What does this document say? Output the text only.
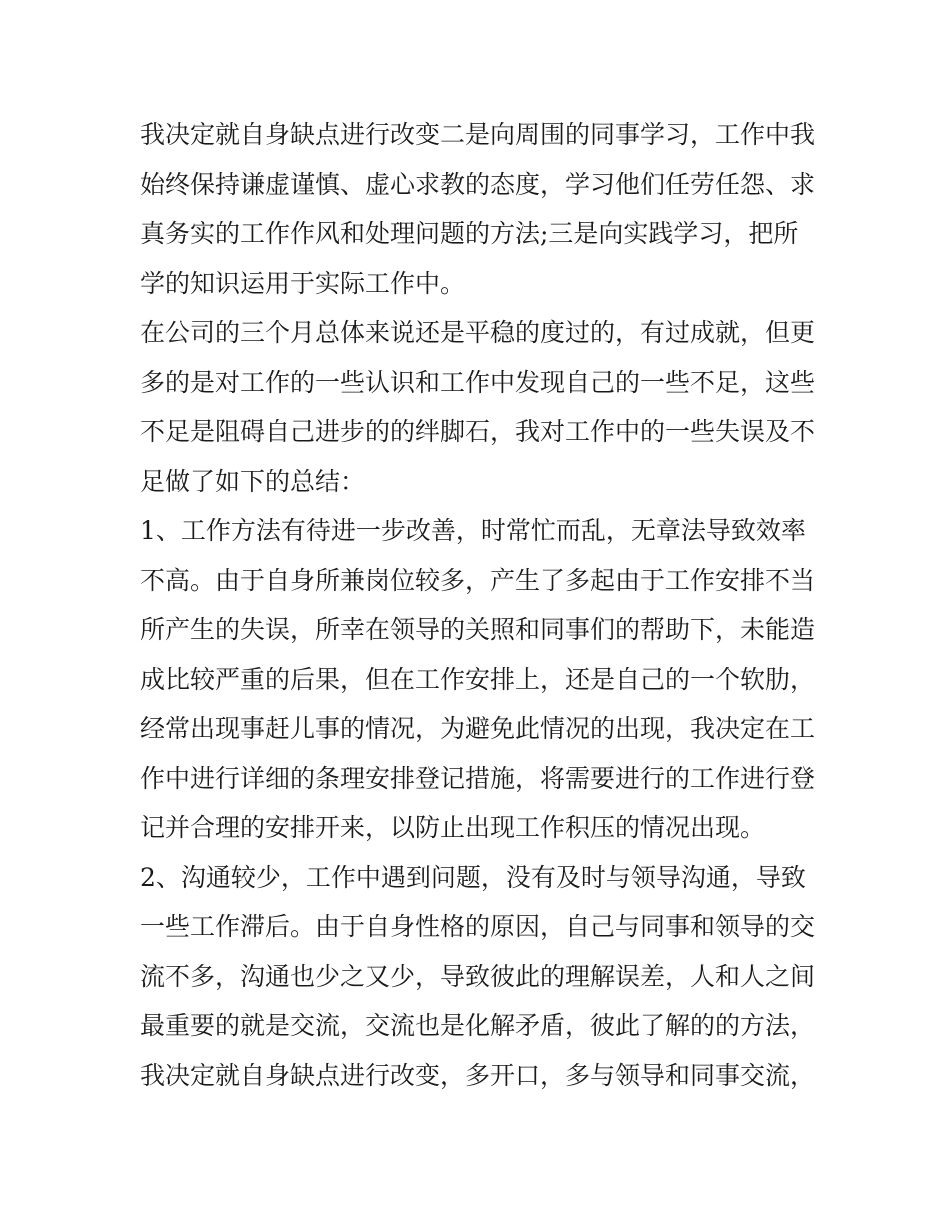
我决定就自身缺点进行改变二是向周围的同事学习，工作中我
始终保持谦虚谨慎、虚心求教的态度，学习他们任劳任怨、求
真务实的工作作风和处理问题的方法;三是向实践学习，把所
学的知识运用于实际工作中。
在公司的三个月总体来说还是平稳的度过的，有过成就，但更
多的是对工作的一些认识和工作中发现自己的一些不足，这些
不足是阻碍自己进步的的绊脚石，我对工作中的一些失误及不
足做了如下的总结：
1、工作方法有待进一步改善，时常忙而乱，无章法导致效率
不高。由于自身所兼岗位较多，产生了多起由于工作安排不当
所产生的失误，所幸在领导的关照和同事们的帮助下，未能造
成比较严重的后果，但在工作安排上，还是自己的一个软肋，
经常出现事赶儿事的情况，为避免此情况的出现，我决定在工
作中进行详细的条理安排登记措施，将需要进行的工作进行登
记并合理的安排开来，以防止出现工作积压的情况出现。
2、沟通较少，工作中遇到问题，没有及时与领导沟通，导致
一些工作滞后。由于自身性格的原因，自己与同事和领导的交
流不多，沟通也少之又少，导致彼此的理解误差，人和人之间
最重要的就是交流，交流也是化解矛盾，彼此了解的的方法，
我决定就自身缺点进行改变，多开口，多与领导和同事交流，
